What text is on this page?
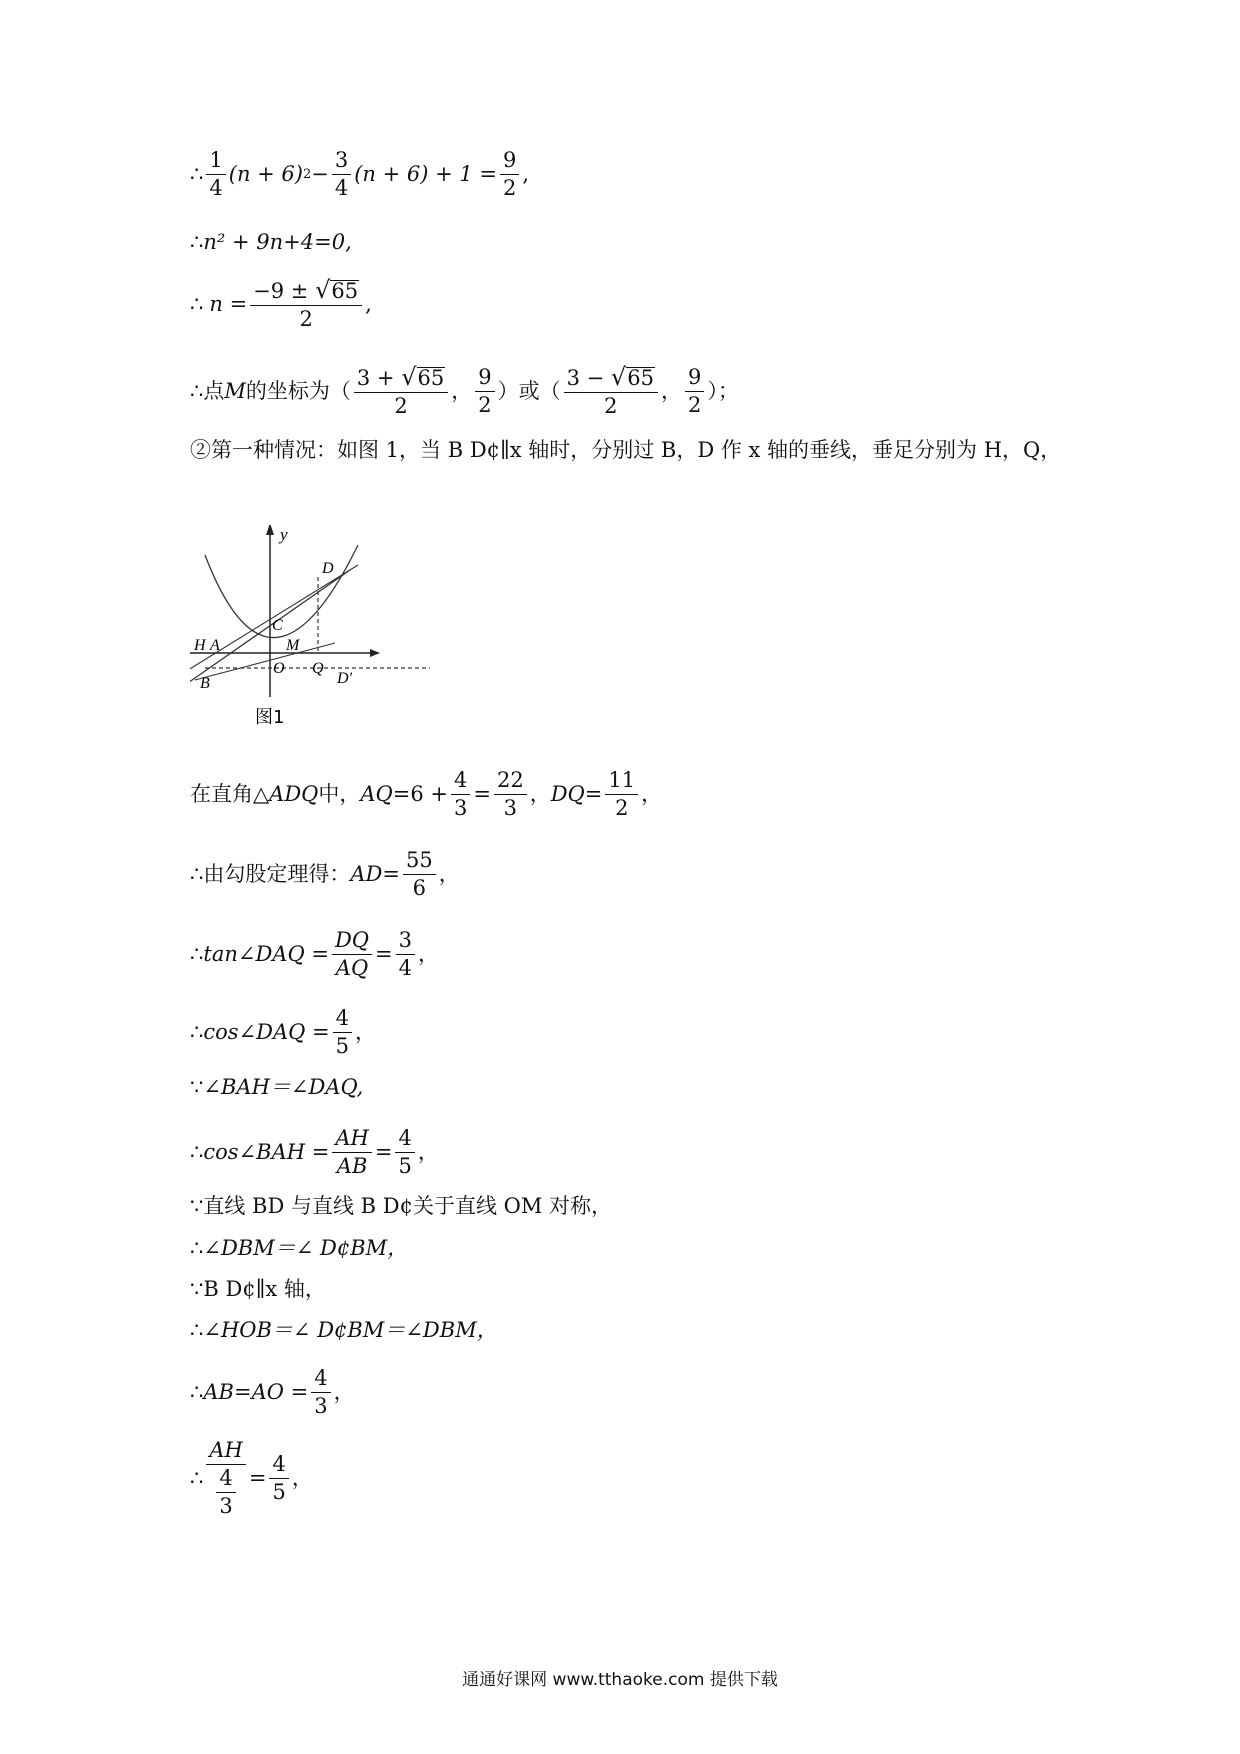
∴ $\frac{1}{4} (n + 6) 2 - \frac{3}{4} (n + 6) + 1 = \frac{9}{2}$ ,
∴ n² + 9n+4=0,
∴ $n = \frac{-9 \pm √ 65}{2}$ ,
∴ 点 M 的坐标为（ $\frac{3 + √ 65}{2}$ ， $\frac{9}{2}$ ）或（ $\frac{3 - √ 65}{2}$ ， $\frac{9}{2}$ ）；
②第一种情况：如图 1，当 B D¢∥x 轴时，分别过 B，D 作 x 轴的垂线，垂足分别为 H，Q，
y
C
H A	M
O
B
D
Q
D'
图1
在直角△ ADQ 中， AQ $=6 + \frac{4}{3} = \frac{22}{3}$ ， DQ = $\frac{11}{2}$ ，
∴ 由勾股定理得： AD = $\frac{55}{6}$ ，
∴ tan∠DAQ = $\frac{DQ}{AQ} = \frac{3}{4}$ ，
∴ cos∠DAQ = $\frac{4}{5}$ ，
∵ ∠BAH＝∠DAQ,
∴ cos∠BAH = $\frac{AH}{AB} = \frac{4}{5}$ ，
∵ 直线 BD 与直线 B D¢关于直线 OM 对称，
∴ ∠DBM＝∠ D¢BM，
∵ B D¢∥x 轴，
∴ ∠HOB＝∠ D¢BM＝∠DBM，
∴ $AB=AO = \frac{4}{3}$ ，
∴ $\frac{AH}{\frac{4}{3}} = \frac{4}{5}$ ，
通通好课网 www.tthaoke.com 提供下载
